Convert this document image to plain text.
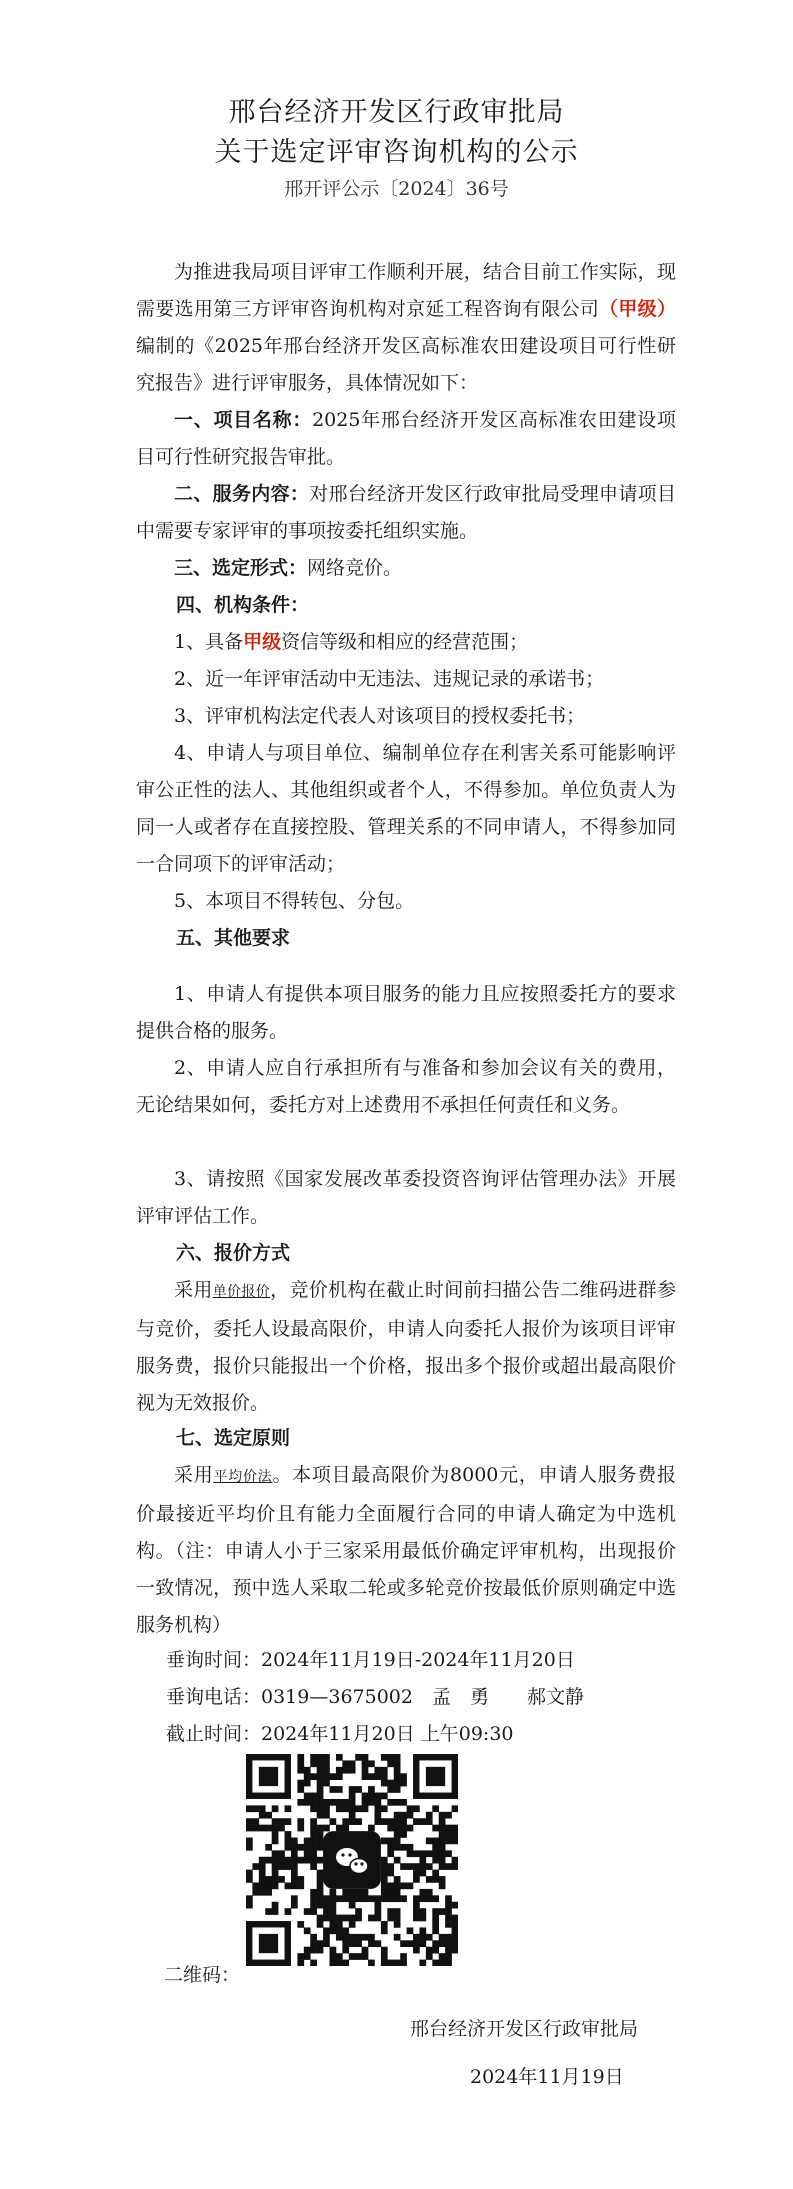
邢台经济开发区行政审批局
关于选定评审咨询机构的公示
邢开评公示〔2024〕36号

为推进我局项目评审工作顺利开展，结合目前工作实际，现需要选用第三方评审咨询机构对京延工程咨询有限公司（甲级）编制的《2025年邢台经济开发区高标准农田建设项目可行性研究报告》进行评审服务，具体情况如下：

一、项目名称：2025年邢台经济开发区高标准农田建设项目可行性研究报告审批。

二、服务内容：对邢台经济开发区行政审批局受理申请项目中需要专家评审的事项按委托组织实施。

三、选定形式：网络竞价。

四、机构条件：

1、具备甲级资信等级和相应的经营范围；

2、近一年评审活动中无违法、违规记录的承诺书；

3、评审机构法定代表人对该项目的授权委托书；

4、申请人与项目单位、编制单位存在利害关系可能影响评审公正性的法人、其他组织或者个人，不得参加。单位负责人为同一人或者存在直接控股、管理关系的不同申请人，不得参加同一合同项下的评审活动；

5、本项目不得转包、分包。

五、其他要求

1、申请人有提供本项目服务的能力且应按照委托方的要求提供合格的服务。

2、申请人应自行承担所有与准备和参加会议有关的费用，无论结果如何，委托方对上述费用不承担任何责任和义务。

3、请按照《国家发展改革委投资咨询评估管理办法》开展评审评估工作。

六、报价方式

采用单价报价，竞价机构在截止时间前扫描公告二维码进群参与竞价，委托人设最高限价，申请人向委托人报价为该项目评审服务费，报价只能报出一个价格，报出多个报价或超出最高限价视为无效报价。

七、选定原则

采用平均价法。本项目最高限价为8000元，申请人服务费报价最接近平均价且有能力全面履行合同的申请人确定为中选机构。（注：申请人小于三家采用最低价确定评审机构，出现报价一致情况，预中选人采取二轮或多轮竞价按最低价原则确定中选服务机构）

垂询时间：2024年11月19日-2024年11月20日

垂询电话：0319—3675002　孟　勇　　郝文静

截止时间：2024年11月20日 上午09:30

二维码：
邢台经济开发区行政审批局
2024年11月19日
